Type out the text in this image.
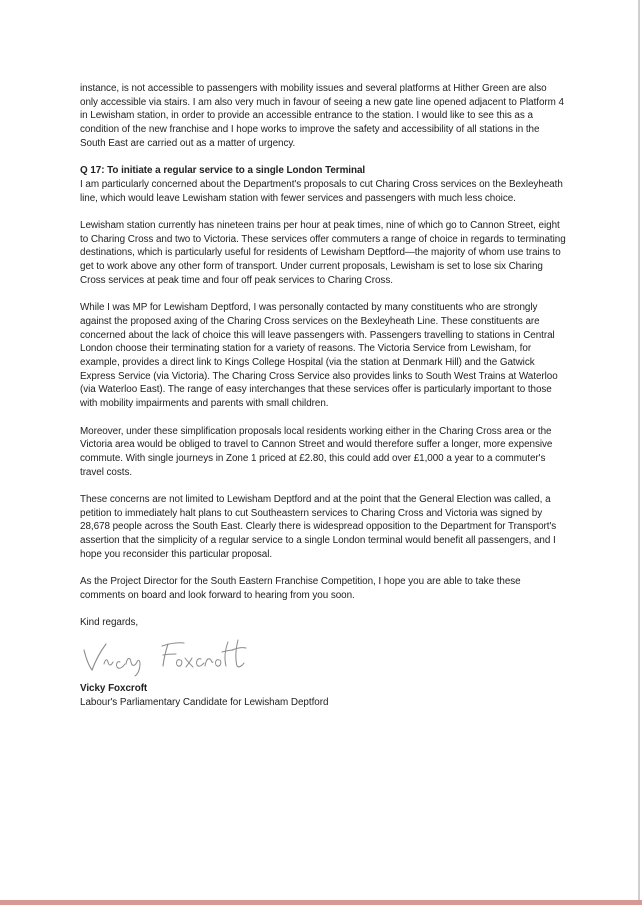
instance, is not accessible to passengers with mobility issues and several platforms at Hither Green are also only accessible via stairs. I am also very much in favour of seeing a new gate line opened adjacent to Platform 4 in Lewisham station, in order to provide an accessible entrance to the station. I would like to see this as a condition of the new franchise and I hope works to improve the safety and accessibility of all stations in the South East are carried out as a matter of urgency.

Q 17: To initiate a regular service to a single London Terminal

I am particularly concerned about the Department's proposals to cut Charing Cross services on the Bexleyheath line, which would leave Lewisham station with fewer services and passengers with much less choice.

Lewisham station currently has nineteen trains per hour at peak times, nine of which go to Cannon Street, eight to Charing Cross and two to Victoria. These services offer commuters a range of choice in regards to terminating destinations, which is particularly useful for residents of Lewisham Deptford—the majority of whom use trains to get to work above any other form of transport. Under current proposals, Lewisham is set to lose six Charing Cross services at peak time and four off peak services to Charing Cross.

While I was MP for Lewisham Deptford, I was personally contacted by many constituents who are strongly against the proposed axing of the Charing Cross services on the Bexleyheath Line. These constituents are concerned about the lack of choice this will leave passengers with. Passengers travelling to stations in Central London choose their terminating station for a variety of reasons. The Victoria Service from Lewisham, for example, provides a direct link to Kings College Hospital (via the station at Denmark Hill) and the Gatwick Express Service (via Victoria). The Charing Cross Service also provides links to South West Trains at Waterloo (via Waterloo East). The range of easy interchanges that these services offer is particularly important to those with mobility impairments and parents with small children.

Moreover, under these simplification proposals local residents working either in the Charing Cross area or the Victoria area would be obliged to travel to Cannon Street and would therefore suffer a longer, more expensive commute. With single journeys in Zone 1 priced at £2.80, this could add over £1,000 a year to a commuter's travel costs.

These concerns are not limited to Lewisham Deptford and at the point that the General Election was called, a petition to immediately halt plans to cut Southeastern services to Charing Cross and Victoria was signed by 28,678 people across the South East. Clearly there is widespread opposition to the Department for Transport's assertion that the simplicity of a regular service to a single London terminal would benefit all passengers, and I hope you reconsider this particular proposal.

As the Project Director for the South Eastern Franchise Competition, I hope you are able to take these comments on board and look forward to hearing from you soon.

Kind regards,

Vicky Foxcroft

Labour's Parliamentary Candidate for Lewisham Deptford
